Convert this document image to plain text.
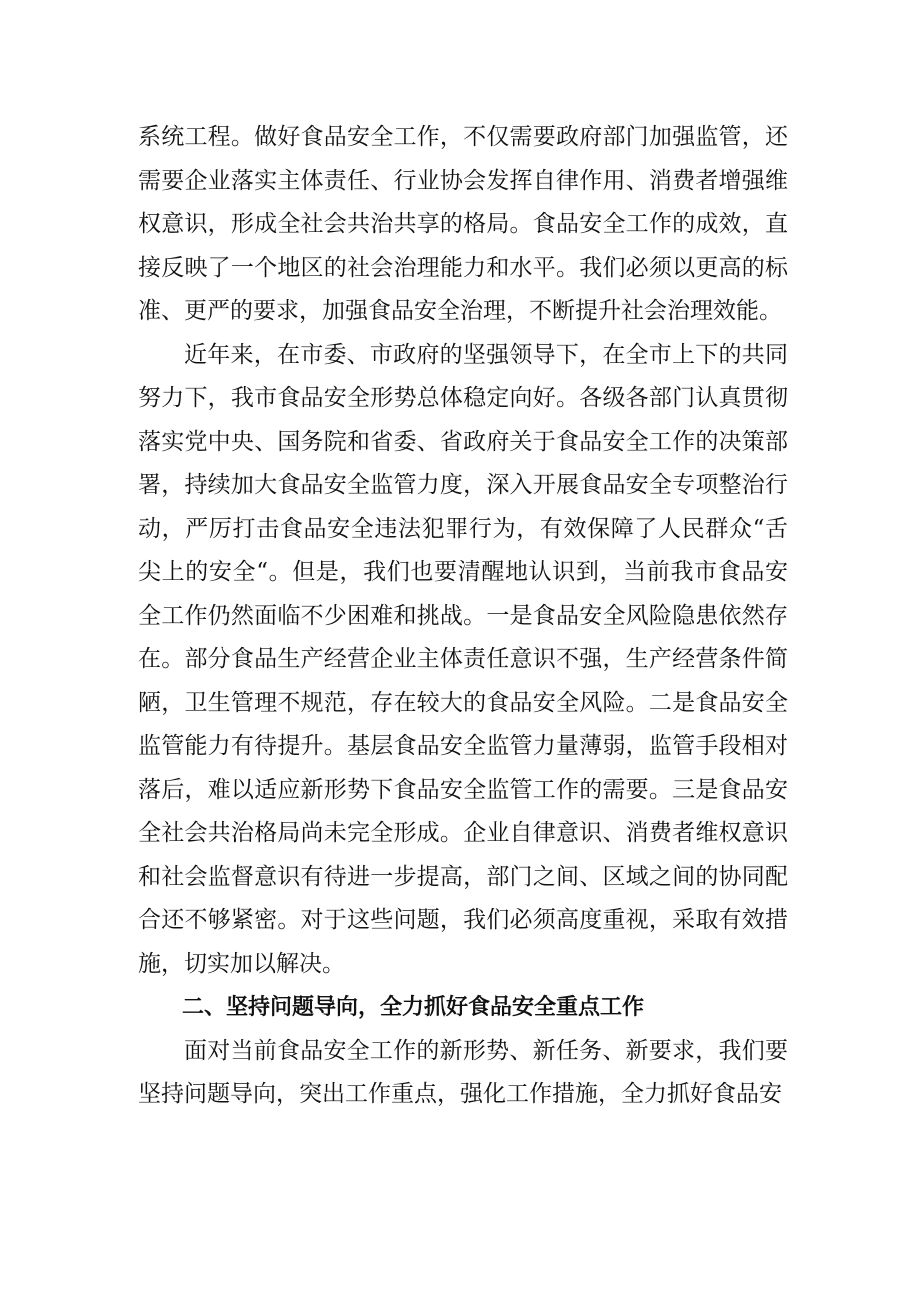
系统工程。做好食品安全工作，不仅需要政府部门加强监管，还需要企业落实主体责任、行业协会发挥自律作用、消费者增强维权意识，形成全社会共治共享的格局。食品安全工作的成效，直接反映了一个地区的社会治理能力和水平。我们必须以更高的标准、更严的要求，加强食品安全治理，不断提升社会治理效能。

近年来，在市委、市政府的坚强领导下，在全市上下的共同努力下，我市食品安全形势总体稳定向好。各级各部门认真贯彻落实党中央、国务院和省委、省政府关于食品安全工作的决策部署，持续加大食品安全监管力度，深入开展食品安全专项整治行动，严厉打击食品安全违法犯罪行为，有效保障了人民群众“舌尖上的安全“。但是，我们也要清醒地认识到，当前我市食品安全工作仍然面临不少困难和挑战。一是食品安全风险隐患依然存在。部分食品生产经营企业主体责任意识不强，生产经营条件简陋，卫生管理不规范，存在较大的食品安全风险。二是食品安全监管能力有待提升。基层食品安全监管力量薄弱，监管手段相对落后，难以适应新形势下食品安全监管工作的需要。三是食品安全社会共治格局尚未完全形成。企业自律意识、消费者维权意识和社会监督意识有待进一步提高，部门之间、区域之间的协同配合还不够紧密。对于这些问题，我们必须高度重视，采取有效措施，切实加以解决。

二、坚持问题导向，全力抓好食品安全重点工作

面对当前食品安全工作的新形势、新任务、新要求，我们要坚持问题导向，突出工作重点，强化工作措施，全力抓好食品安
